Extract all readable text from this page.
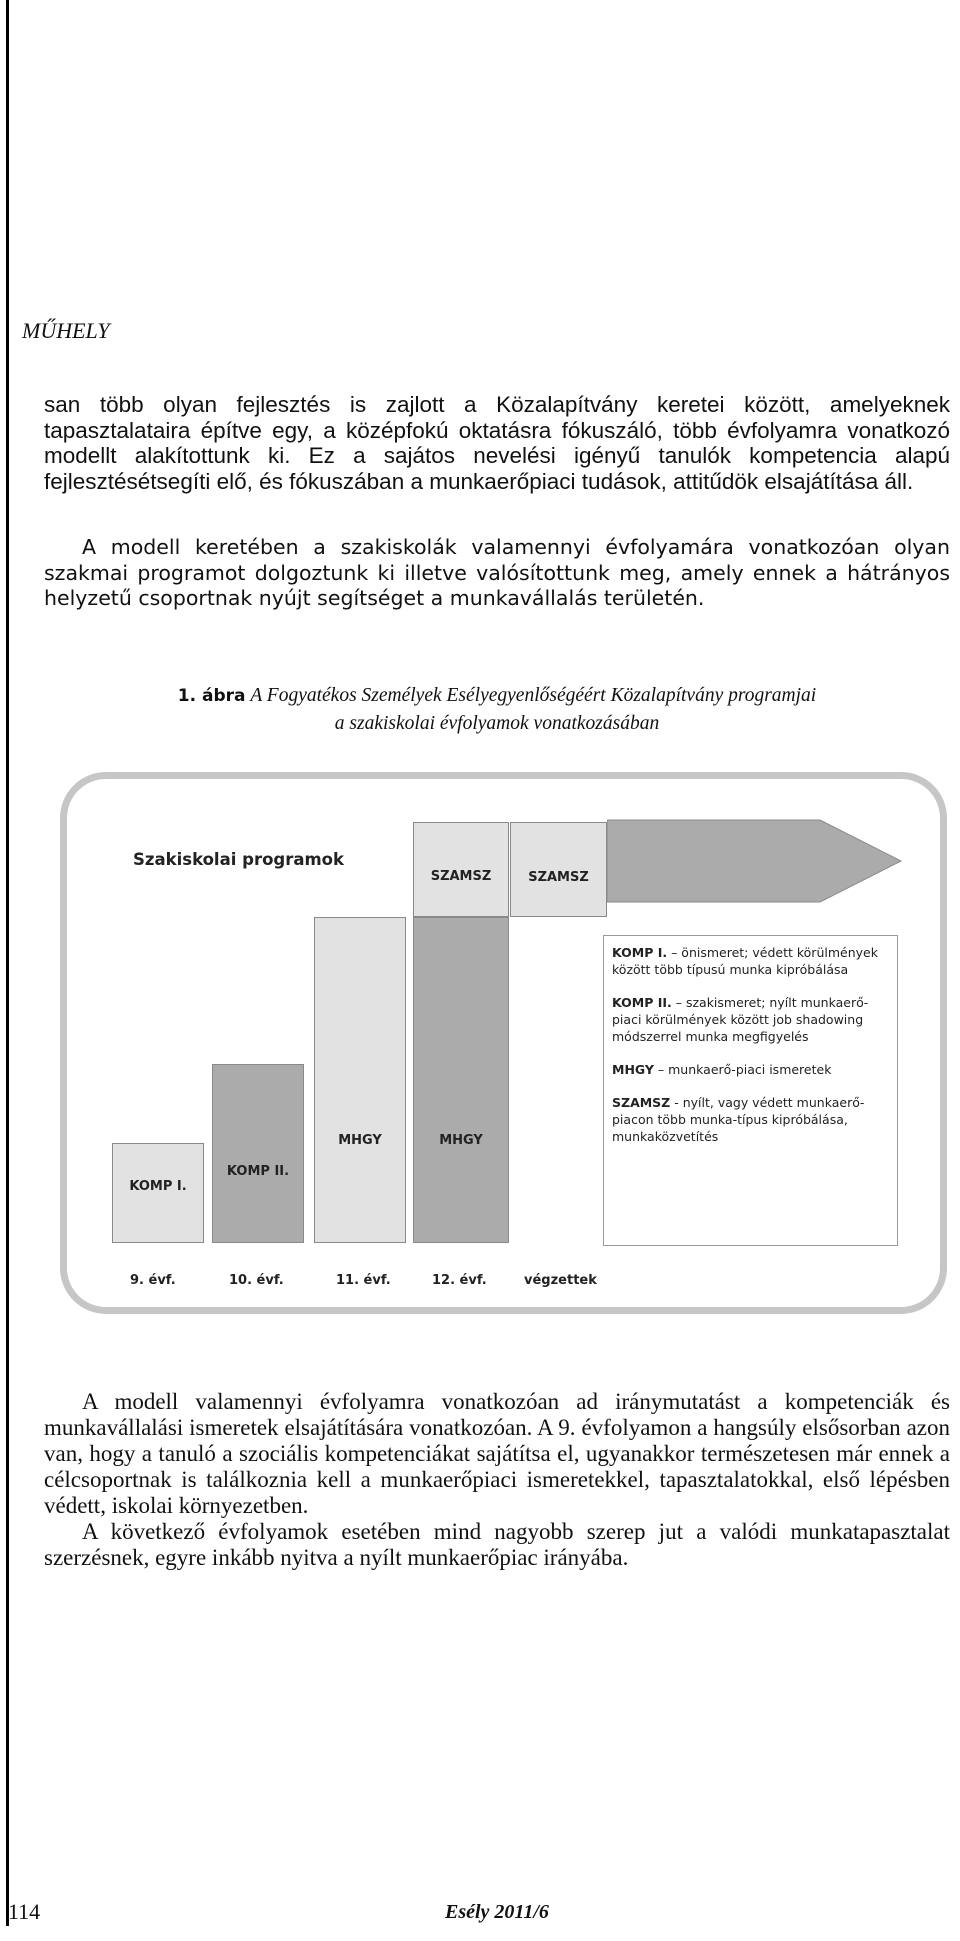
MŰHELY

san több olyan fejlesztés is zajlott a Közalapítvány keretei között, amelyeknek tapasztalataira építve egy, a középfokú oktatásra fókuszáló, több évfolyamra vonatkozó modellt alakítottunk ki. Ez a sajátos nevelési igényű tanulók kompetencia alapú fejlesztésétsegíti elő, és fókuszában a munkaerőpiaci tudások, attitűdök elsajátítása áll.

A modell keretében a szakiskolák valamennyi évfolyamára vonatkozóan olyan szakmai programot dolgoztunk ki illetve valósítottunk meg, amely ennek a hátrányos helyzetű csoportnak nyújt segítséget a munkavállalás területén.

1. ábra A Fogyatékos Személyek Esélyegyenlőségéért Közalapítvány programjai
a szakiskolai évfolyamok vonatkozásában
Szakiskolai programok
KOMP I.
KOMP II.
MHGY	MHGY
SZAMSZ	SZAMSZ

KOMP I. – önismeret; védett körülmények között több típusú munka kipróbálása

KOMP II. – szakismeret; nyílt munkaerő-piaci körülmények között job shadowing módszerrel munka megfigyelés

MHGY – munkaerő-piaci ismeretek

SZAMSZ - nyílt, vagy védett munkaerő-piacon több munka-típus kipróbálása, munkaközvetítés

9. évf.	10. évf.	11. évf.	12. évf.	végzettek

A modell valamennyi évfolyamra vonatkozóan ad iránymutatást a kompetenciák és munkavállalási ismeretek elsajátítására vonatkozóan. A 9. évfolyamon a hangsúly elsősorban azon van, hogy a tanuló a szociális kompetenciákat sajátítsa el, ugyanakkor természetesen már ennek a célcsoportnak is találkoznia kell a munkaerőpiaci ismeretekkel, tapasztalatokkal, első lépésben védett, iskolai környezetben.

A következő évfolyamok esetében mind nagyobb szerep jut a valódi munkatapasztalat szerzésnek, egyre inkább nyitva a nyílt munkaerőpiac irányába.

114	Esély 2011/6
